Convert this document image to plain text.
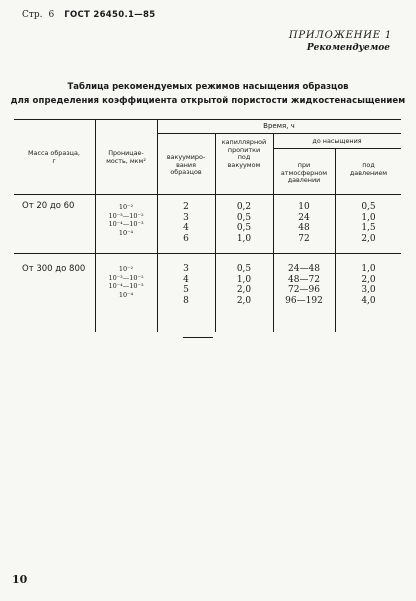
Стр. 6 ГОСТ 26450.1—85
ПРИЛОЖЕНИЕ 1
Рекомендуемое
Таблица рекомендуемых режимов насыщения образцов
для определения коэффициента открытой пористости жидкостенасыщением
Масса образца,
г
Проницае-
мость, мкм²
Время, ч
вакуумиро-
вания
образцов
капиллярной
пропитки
под
вакуумом
до насыщения
при
атмосферном
давлении
под
давлением
От 20 до 60	10⁻²
10⁻³—10⁻²
10⁻⁴—10⁻³
10⁻⁴
2
3
4
6
0,2
0,5
0,5
1,0
10
24
48
72
0,5
1,0
1,5
2,0
От 300 до 800	10⁻²
10⁻³—10⁻²
10⁻⁴—10⁻³
10⁻⁴
3
4
5
8
0,5
1,0
2,0
2,0
24—48
48—72
72—96
96—192
1,0
2,0
3,0
4,0
10
